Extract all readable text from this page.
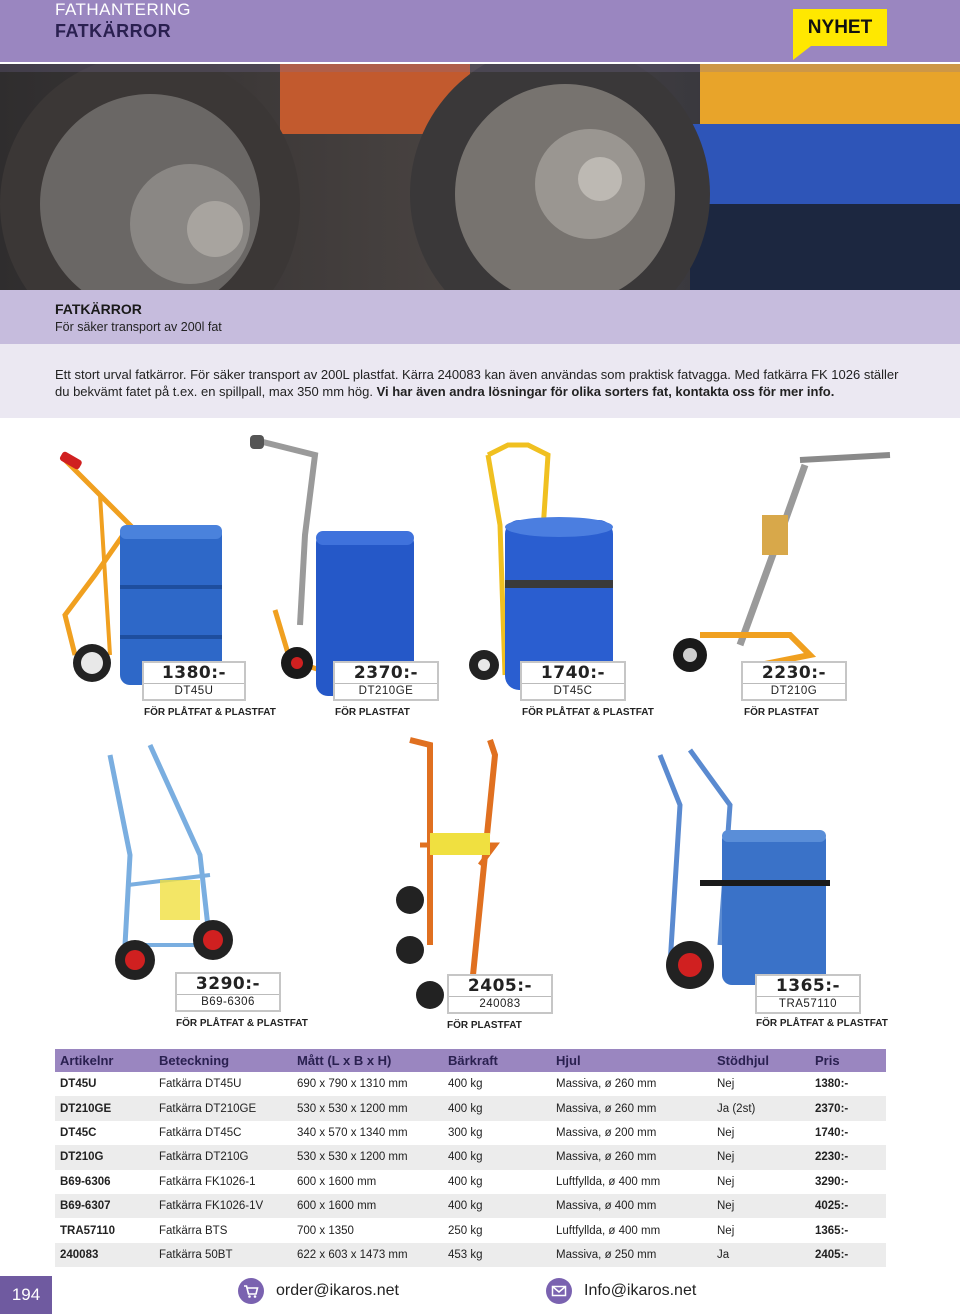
FATHANTERING
FATKÄRROR	NYHET
FATKÄRROR
För säker transport av 200l fat

Ett stort urval fatkärror. För säker transport av 200L plastfat. Kärra 240083 kan även användas som praktisk fatvagga. Med fatkärra FK 1026 ställer du bekvämt fatet på t.ex. en spillpall, max 350 mm hög. Vi har även andra lösningar för olika sorters fat, kontakta oss för mer info.

1380:-
DT45U
FÖR PLÅTFAT & PLASTFAT
2370:-
DT210GE
FÖR PLASTFAT
1740:-
DT45C
FÖR PLÅTFAT & PLASTFAT
2230:-
DT210G
FÖR PLASTFAT
3290:-
B69-6306
FÖR PLÅTFAT & PLASTFAT
2405:-
240083
FÖR PLASTFAT
1365:-
TRA57110
FÖR PLÅTFAT & PLASTFAT
Artikelnr	Beteckning	Mått (L x B x H)	Bärkraft	Hjul	Stödhjul	Pris
DT45U	Fatkärra DT45U	690 x 790 x 1310 mm	400 kg	Massiva, ø 260 mm	Nej	1380:-
DT210GE	Fatkärra DT210GE	530 x 530 x 1200 mm	400 kg	Massiva, ø 260 mm	Ja (2st)	2370:-
DT45C	Fatkärra DT45C	340 x 570 x 1340 mm	300 kg	Massiva, ø 200 mm	Nej	1740:-
DT210G	Fatkärra DT210G	530 x 530 x 1200 mm	400 kg	Massiva, ø 260 mm	Nej	2230:-
B69-6306	Fatkärra FK1026-1	600 x 1600 mm	400 kg	Luftfyllda, ø 400 mm	Nej	3290:-
B69-6307	Fatkärra FK1026-1V	600 x 1600 mm	400 kg	Massiva, ø 400 mm	Nej	4025:-
TRA57110	Fatkärra BTS	700 x 1350	250 kg	Luftfyllda, ø 400 mm	Nej	1365:-
240083	Fatkärra 50BT	622 x 603 x 1473 mm	453 kg	Massiva, ø 250 mm	Ja	2405:-
194	order@ikaros.net	Info@ikaros.net
